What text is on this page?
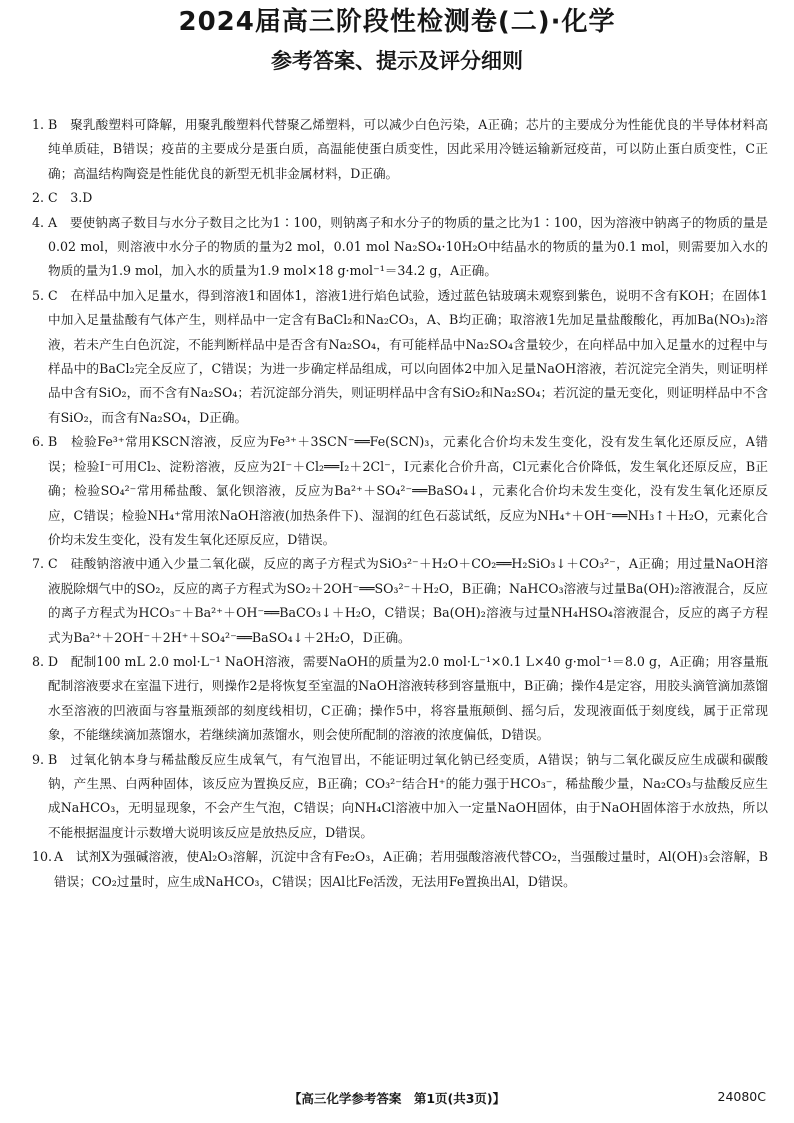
2024届高三阶段性检测卷(二)·化学
参考答案、提示及评分细则

1. B　聚乳酸塑料可降解，用聚乳酸塑料代替聚乙烯塑料，可以减少白色污染，A正确；芯片的主要成分为性能优良的半导体材料高纯单质硅，B错误；疫苗的主要成分是蛋白质，高温能使蛋白质变性，因此采用冷链运输新冠疫苗，可以防止蛋白质变性，C正确；高温结构陶瓷是性能优良的新型无机非金属材料，D正确。

2. C　3.D

4. A　要使钠离子数目与水分子数目之比为1∶100，则钠离子和水分子的物质的量之比为1∶100，因为溶液中钠离子的物质的量是0.02 mol，则溶液中水分子的物质的量为2 mol，0.01 mol Na₂SO₄·10H₂O中结晶水的物质的量为0.1 mol，则需要加入水的物质的量为1.9 mol，加入水的质量为1.9 mol×18 g·mol⁻¹＝34.2 g，A正确。

5. C　在样品中加入足量水，得到溶液1和固体1，溶液1进行焰色试验，透过蓝色钴玻璃未观察到紫色，说明不含有KOH；在固体1中加入足量盐酸有气体产生，则样品中一定含有BaCl₂和Na₂CO₃，A、B均正确；取溶液1先加足量盐酸酸化，再加Ba(NO₃)₂溶液，若未产生白色沉淀，不能判断样品中是否含有Na₂SO₄，有可能样品中Na₂SO₄含量较少，在向样品中加入足量水的过程中与样品中的BaCl₂完全反应了，C错误；为进一步确定样品组成，可以向固体2中加入足量NaOH溶液，若沉淀完全消失，则证明样品中含有SiO₂，而不含有Na₂SO₄；若沉淀部分消失，则证明样品中含有SiO₂和Na₂SO₄；若沉淀的量无变化，则证明样品中不含有SiO₂，而含有Na₂SO₄，D正确。

6. B　检验Fe³⁺常用KSCN溶液，反应为Fe³⁺＋3SCN⁻══Fe(SCN)₃，元素化合价均未发生变化，没有发生氧化还原反应，A错误；检验I⁻可用Cl₂、淀粉溶液，反应为2I⁻＋Cl₂══I₂＋2Cl⁻，I元素化合价升高，Cl元素化合价降低，发生氧化还原反应，B正确；检验SO₄²⁻常用稀盐酸、氯化钡溶液，反应为Ba²⁺＋SO₄²⁻══BaSO₄↓，元素化合价均未发生变化，没有发生氧化还原反应，C错误；检验NH₄⁺常用浓NaOH溶液(加热条件下)、湿润的红色石蕊试纸，反应为NH₄⁺＋OH⁻══NH₃↑＋H₂O，元素化合价均未发生变化，没有发生氧化还原反应，D错误。

7. C　硅酸钠溶液中通入少量二氧化碳，反应的离子方程式为SiO₃²⁻＋H₂O＋CO₂══H₂SiO₃↓＋CO₃²⁻，A正确；用过量NaOH溶液脱除烟气中的SO₂，反应的离子方程式为SO₂＋2OH⁻══SO₃²⁻＋H₂O，B正确；NaHCO₃溶液与过量Ba(OH)₂溶液混合，反应的离子方程式为HCO₃⁻＋Ba²⁺＋OH⁻══BaCO₃↓＋H₂O，C错误；Ba(OH)₂溶液与过量NH₄HSO₄溶液混合，反应的离子方程式为Ba²⁺＋2OH⁻＋2H⁺＋SO₄²⁻══BaSO₄↓＋2H₂O，D正确。

8. D　配制100 mL 2.0 mol·L⁻¹ NaOH溶液，需要NaOH的质量为2.0 mol·L⁻¹×0.1 L×40 g·mol⁻¹＝8.0 g，A正确；用容量瓶配制溶液要求在室温下进行，则操作2是将恢复至室温的NaOH溶液转移到容量瓶中，B正确；操作4是定容，用胶头滴管滴加蒸馏水至溶液的凹液面与容量瓶颈部的刻度线相切，C正确；操作5中，将容量瓶颠倒、摇匀后，发现液面低于刻度线，属于正常现象，不能继续滴加蒸馏水，若继续滴加蒸馏水，则会使所配制的溶液的浓度偏低，D错误。

9. B　过氧化钠本身与稀盐酸反应生成氧气，有气泡冒出，不能证明过氧化钠已经变质，A错误；钠与二氧化碳反应生成碳和碳酸钠，产生黑、白两种固体，该反应为置换反应，B正确；CO₃²⁻结合H⁺的能力强于HCO₃⁻，稀盐酸少量，Na₂CO₃与盐酸反应生成NaHCO₃，无明显现象，不会产生气泡，C错误；向NH₄Cl溶液中加入一定量NaOH固体，由于NaOH固体溶于水放热，所以不能根据温度计示数增大说明该反应是放热反应，D错误。

10. A　试剂X为强碱溶液，使Al₂O₃溶解，沉淀中含有Fe₂O₃，A正确；若用强酸溶液代替CO₂，当强酸过量时，Al(OH)₃会溶解，B错误；CO₂过量时，应生成NaHCO₃，C错误；因Al比Fe活泼，无法用Fe置换出Al，D错误。

【高三化学参考答案　第1页(共3页)】	24080C
